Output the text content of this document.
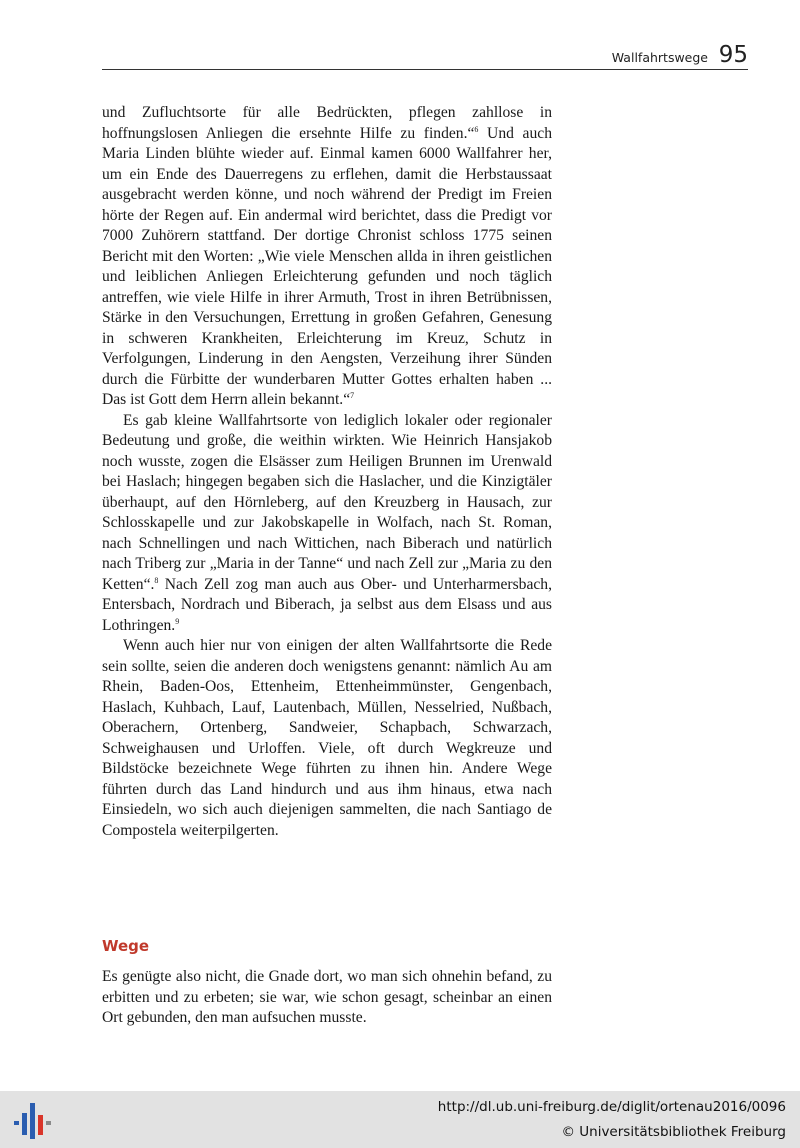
Wallfahrtswege 95

und Zufluchtsorte für alle Bedrückten, pflegen zahllose in hoffnungslosen Anliegen die ersehnte Hilfe zu finden.“$^6$ Und auch Maria Linden blühte wieder auf. Einmal kamen 6000 Wallfahrer her, um ein Ende des Dauerregens zu erflehen, damit die Herbstaussaat ausgebracht werden könne, und noch während der Predigt im Freien hörte der Regen auf. Ein andermal wird berichtet, dass die Predigt vor 7000 Zuhörern stattfand. Der dortige Chronist schloss 1775 seinen Bericht mit den Worten: „Wie viele Menschen allda in ihren geistlichen und leiblichen Anliegen Erleichterung gefunden und noch täglich antreffen, wie viele Hilfe in ihrer Armuth, Trost in ihren Betrübnissen, Stärke in den Versuchungen, Errettung in großen Gefahren, Genesung in schweren Krankheiten, Erleichterung im Kreuz, Schutz in Verfolgungen, Linderung in den Aengsten, Verzeihung ihrer Sünden durch die Fürbitte der wunderbaren Mutter Gottes erhalten haben ... Das ist Gott dem Herrn allein bekannt.“$^7$

Es gab kleine Wallfahrtsorte von lediglich lokaler oder regionaler Bedeutung und große, die weithin wirkten. Wie Heinrich Hansjakob noch wusste, zogen die Elsässer zum Heiligen Brunnen im Urenwald bei Haslach; hingegen begaben sich die Haslacher, und die Kinzigtäler überhaupt, auf den Hörnleberg, auf den Kreuzberg in Hausach, zur Schlosskapelle und zur Jakobskapelle in Wolfach, nach St. Roman, nach Schnellingen und nach Wittichen, nach Biberach und natürlich nach Triberg zur „Maria in der Tanne“ und nach Zell zur „Maria zu den Ketten“.$^8$ Nach Zell zog man auch aus Ober- und Unterharmersbach, Entersbach, Nordrach und Biberach, ja selbst aus dem Elsass und aus Lothringen.$^9$

Wenn auch hier nur von einigen der alten Wallfahrtsorte die Rede sein sollte, seien die anderen doch wenigstens genannt: nämlich Au am Rhein, Baden-Oos, Ettenheim, Ettenheimmünster, Gengenbach, Haslach, Kuhbach, Lauf, Lautenbach, Müllen, Nesselried, Nußbach, Oberachern, Ortenberg, Sandweier, Schapbach, Schwarzach, Schweighausen und Urloffen. Viele, oft durch Wegkreuze und Bildstöcke bezeichnete Wege führten zu ihnen hin. Andere Wege führten durch das Land hindurch und aus ihm hinaus, etwa nach Einsiedeln, wo sich auch diejenigen sammelten, die nach Santiago de Compostela weiterpilgerten.

Wege

Es genügte also nicht, die Gnade dort, wo man sich ohnehin befand, zu erbitten und zu erbeten; sie war, wie schon gesagt, scheinbar an einen Ort gebunden, den man aufsuchen musste.

http://dl.ub.uni-freiburg.de/diglit/ortenau2016/0096
© Universitätsbibliothek Freiburg
